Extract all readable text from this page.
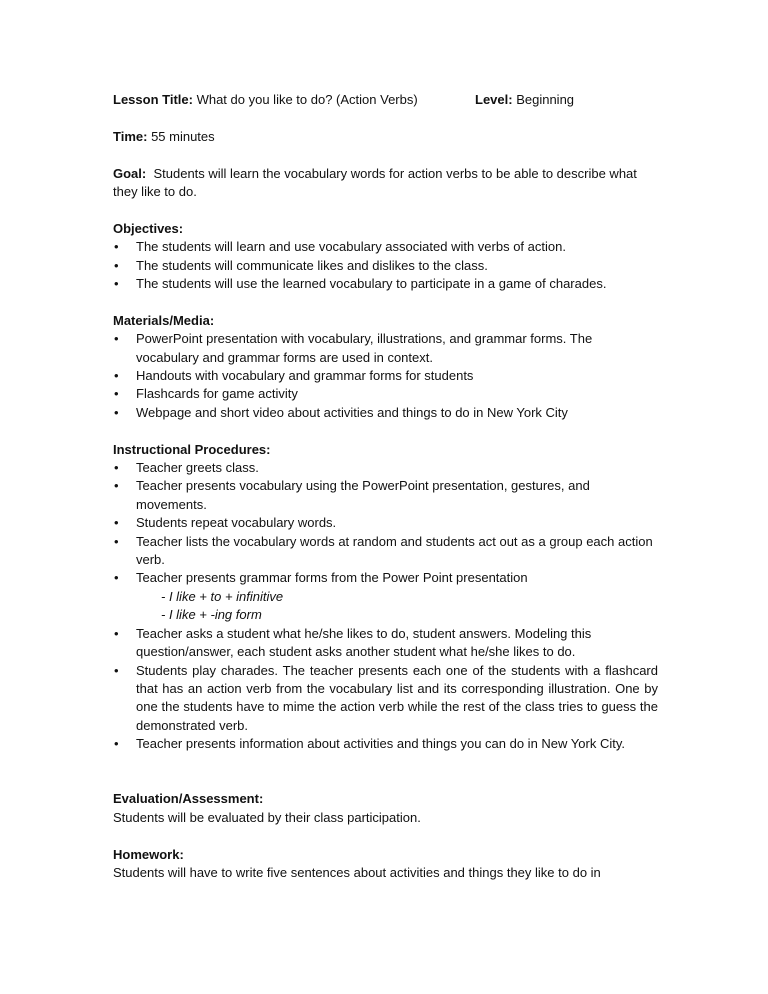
Lesson Title: What do you like to do? (Action Verbs)	Level: Beginning
Time: 55 minutes
Goal: Students will learn the vocabulary words for action verbs to be able to describe what they like to do.
Objectives:
• The students will learn and use vocabulary associated with verbs of action.
• The students will communicate likes and dislikes to the class.
• The students will use the learned vocabulary to participate in a game of charades.
Materials/Media:
• PowerPoint presentation with vocabulary, illustrations, and grammar forms. The vocabulary and grammar forms are used in context.
• Handouts with vocabulary and grammar forms for students
• Flashcards for game activity
• Webpage and short video about activities and things to do in New York City
Instructional Procedures:
• Teacher greets class.
• Teacher presents vocabulary using the PowerPoint presentation, gestures, and movements.
• Students repeat vocabulary words.
• Teacher lists the vocabulary words at random and students act out as a group each action verb.
• Teacher presents grammar forms from the Power Point presentation
- I like + to + infinitive
- I like + -ing form
• Teacher asks a student what he/she likes to do, student answers. Modeling this question/answer, each student asks another student what he/she likes to do.
• Students play charades. The teacher presents each one of the students with a flashcard that has an action verb from the vocabulary list and its corresponding illustration. One by one the students have to mime the action verb while the rest of the class tries to guess the demonstrated verb.
• Teacher presents information about activities and things you can do in New York City.
Evaluation/Assessment:
Students will be evaluated by their class participation.
Homework:
Students will have to write five sentences about activities and things they like to do in
